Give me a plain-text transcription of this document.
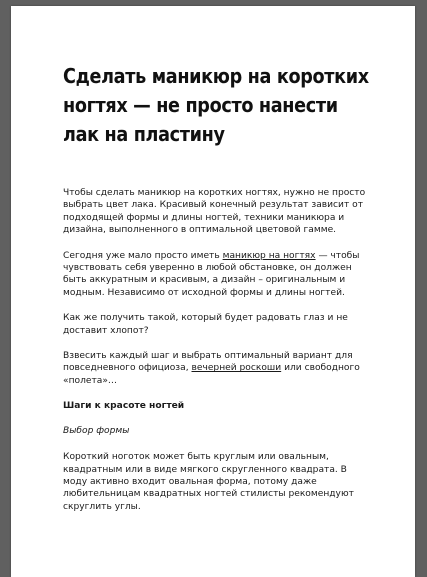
Сделать маникюр на коротких ногтях — не просто нанести лак на пластину

Чтобы сделать маникюр на коротких ногтях, нужно не просто выбрать цвет лака. Красивый конечный результат зависит от подходящей формы и длины ногтей, техники маникюра и дизайна, выполненного в оптимальной цветовой гамме.

Сегодня уже мало просто иметь маникюр на ногтях — чтобы чувствовать себя уверенно в любой обстановке, он должен быть аккуратным и красивым, а дизайн – оригинальным и модным. Независимо от исходной формы и длины ногтей.

Как же получить такой, который будет радовать глаз и не доставит хлопот?

Взвесить каждый шаг и выбрать оптимальный вариант для повседневного официоза, вечерней роскоши или свободного «полета»…

Шаги к красоте ногтей

Выбор формы

Короткий ноготок может быть круглым или овальным, квадратным или в виде мягкого скругленного квадрата. В моду активно входит овальная форма, потому даже любительницам квадратных ногтей стилисты рекомендуют скруглить углы.
